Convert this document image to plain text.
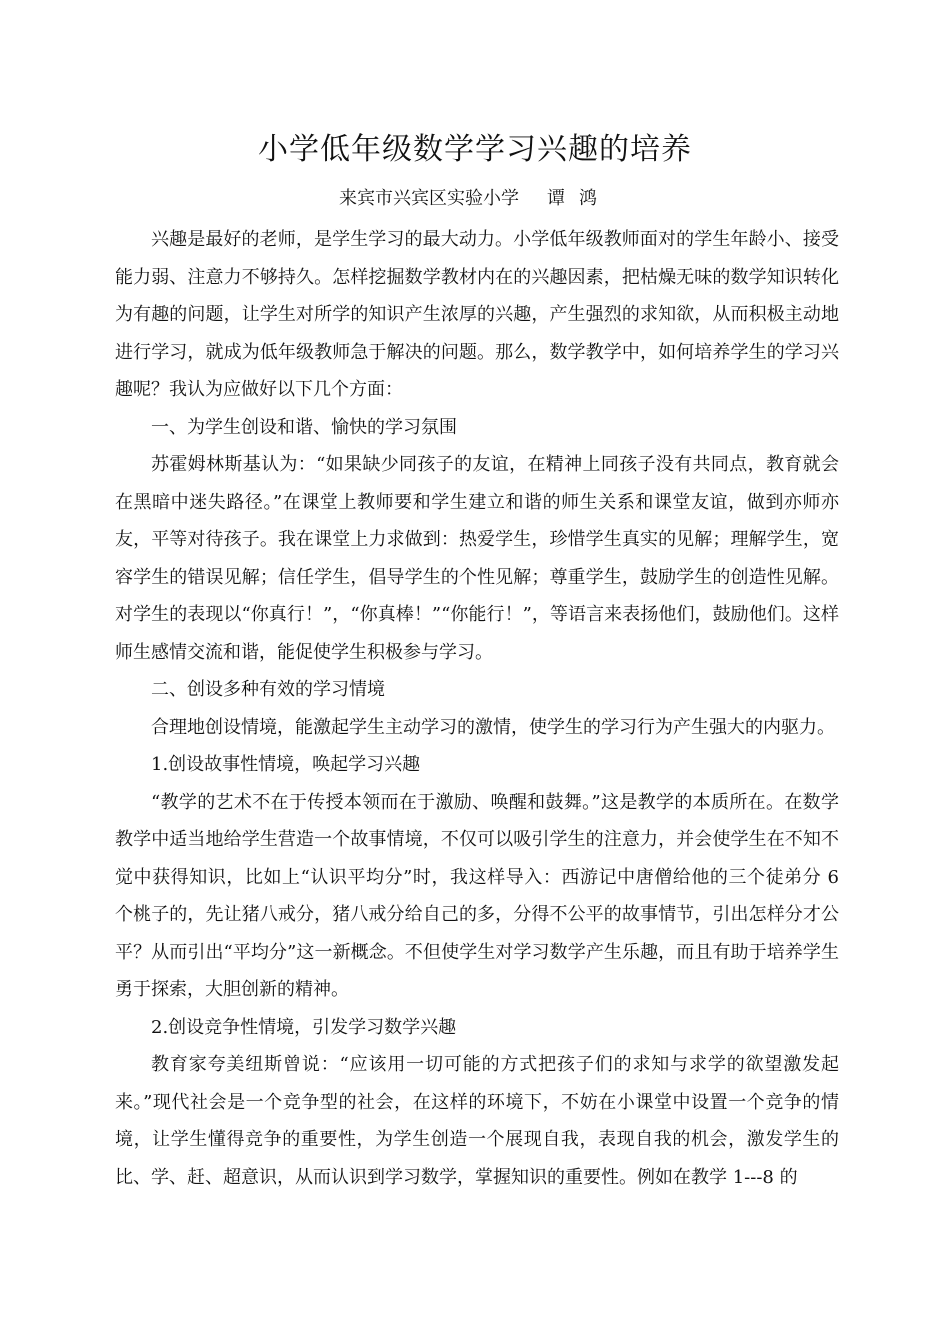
小学低年级数学学习兴趣的培养
来宾市兴宾区实验小学 谭鸿

兴趣是最好的老师，是学生学习的最大动力。小学低年级教师面对的学生年龄小、接受能力弱、注意力不够持久。怎样挖掘数学教材内在的兴趣因素，把枯燥无味的数学知识转化为有趣的问题，让学生对所学的知识产生浓厚的兴趣，产生强烈的求知欲，从而积极主动地进行学习，就成为低年级教师急于解决的问题。那么，数学教学中，如何培养学生的学习兴趣呢？我认为应做好以下几个方面：

一、为学生创设和谐、愉快的学习氛围

苏霍姆林斯基认为：“如果缺少同孩子的友谊，在精神上同孩子没有共同点，教育就会在黑暗中迷失路径。”在课堂上教师要和学生建立和谐的师生关系和课堂友谊，做到亦师亦友，平等对待孩子。我在课堂上力求做到：热爱学生，珍惜学生真实的见解；理解学生，宽容学生的错误见解；信任学生，倡导学生的个性见解；尊重学生，鼓励学生的创造性见解。对学生的表现以“你真行！”，“你真棒！”“你能行！”，等语言来表扬他们，鼓励他们。这样师生感情交流和谐，能促使学生积极参与学习。

二、创设多种有效的学习情境

合理地创设情境，能激起学生主动学习的激情，使学生的学习行为产生强大的内驱力。

1.创设故事性情境，唤起学习兴趣

“教学的艺术不在于传授本领而在于激励、唤醒和鼓舞。”这是教学的本质所在。在数学教学中适当地给学生营造一个故事情境，不仅可以吸引学生的注意力，并会使学生在不知不觉中获得知识，比如上“认识平均分”时，我这样导入：西游记中唐僧给他的三个徒弟分 6 个桃子的，先让猪八戒分，猪八戒分给自己的多，分得不公平的故事情节，引出怎样分才公平？从而引出“平均分”这一新概念。不但使学生对学习数学产生乐趣，而且有助于培养学生勇于探索，大胆创新的精神。

2.创设竞争性情境，引发学习数学兴趣

教育家夸美纽斯曾说：“应该用一切可能的方式把孩子们的求知与求学的欲望激发起来。”现代社会是一个竞争型的社会，在这样的环境下，不妨在小课堂中设置一个竞争的情境，让学生懂得竞争的重要性，为学生创造一个展现自我，表现自我的机会，激发学生的比、学、赶、超意识，从而认识到学习数学，掌握知识的重要性。例如在教学 1---8 的
